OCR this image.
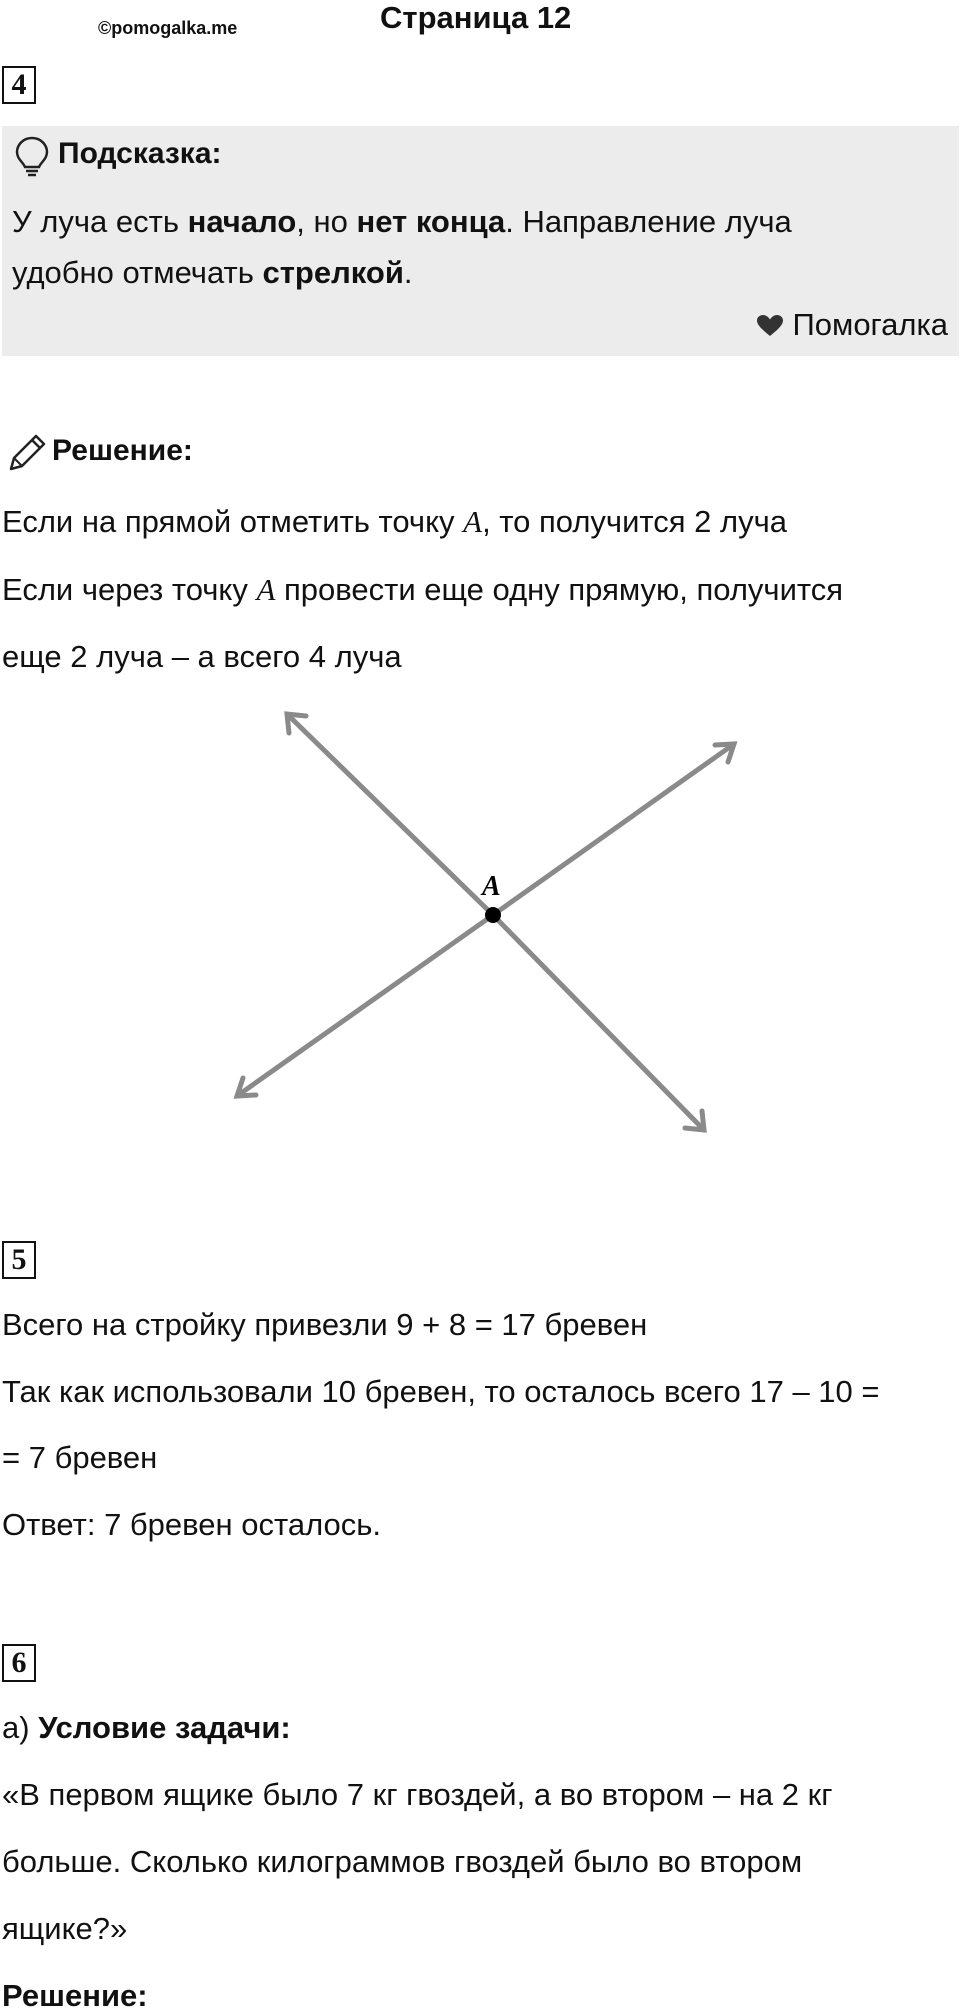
©pomogalka.me	Страница 12
4
Подсказка:
У луча есть начало, но нет конца. Направление луча
удобно отмечать стрелкой.
Помогалка
Решение:
Если на прямой отметить точку A, то получится 2 луча
Если через точку A провести еще одну прямую, получится
еще 2 луча – а всего 4 луча
A
5
Всего на стройку привезли 9 + 8 = 17 бревен
Так как использовали 10 бревен, то осталось всего 17 – 10 =
= 7 бревен
Ответ: 7 бревен осталось.
6
а) Условие задачи:
«В первом ящике было 7 кг гвоздей, а во втором – на 2 кг
больше. Сколько килограммов гвоздей было во втором
ящике?»
Решение:
